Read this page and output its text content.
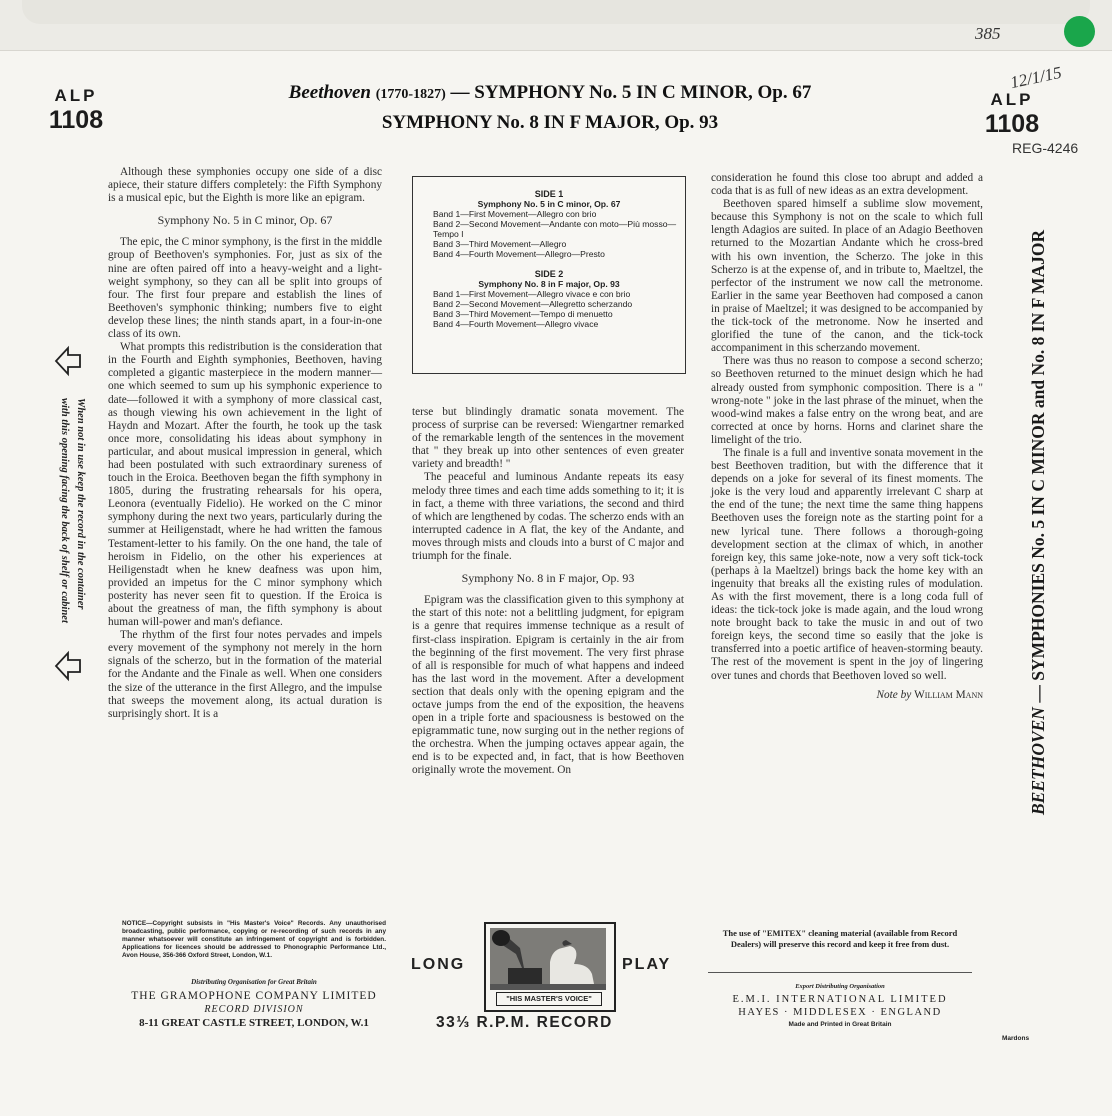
385
12/1/15
REG-4246
ALP
1108
ALP
1108
Beethoven (1770-1827) — SYMPHONY No. 5 IN C MINOR, Op. 67
SYMPHONY No. 8 IN F MAJOR, Op. 93

Although these symphonies occupy one side of a disc apiece, their stature differs completely: the Fifth Symphony is a musical epic, but the Eighth is more like an epigram.

Symphony No. 5 in C minor, Op. 67

The epic, the C minor symphony, is the first in the middle group of Beethoven's symphonies. For, just as six of the nine are often paired off into a heavy-weight and a light-weight symphony, so they can all be split into groups of four. The first four prepare and establish the lines of Beethoven's symphonic thinking; numbers five to eight develop these lines; the ninth stands apart, in a four-in-one class of its own.

What prompts this redistribution is the consideration that in the Fourth and Eighth symphonies, Beethoven, having completed a gigantic masterpiece in the modern manner—one which seemed to sum up his symphonic experience to date—followed it with a symphony of more classical cast, as though viewing his own achievement in the light of Haydn and Mozart. After the fourth, he took up the task once more, consolidating his ideas about symphony in particular, and about musical impression in general, which had been postulated with such extraordinary sureness of touch in the Eroica. Beethoven began the fifth symphony in 1805, during the frustrating rehearsals for his opera, Leonora (eventually Fidelio). He worked on the C minor symphony during the next two years, particularly during the summer at Heiligenstadt, where he had written the famous Testament-letter to his family. On the one hand, the tale of heroism in Fidelio, on the other his experiences at Heiligenstadt when he knew deafness was upon him, provided an impetus for the C minor symphony which posterity has never seen fit to question. If the Eroica is about the greatness of man, the fifth symphony is about human will-power and man's defiance.

The rhythm of the first four notes pervades and impels every movement of the symphony not merely in the horn signals of the scherzo, but in the formation of the material for the Andante and the Finale as well. When one considers the size of the utterance in the first Allegro, and the impulse that sweeps the movement along, its actual duration is surprisingly short. It is a

SIDE 1
Symphony No. 5 in C minor, Op. 67
Band 1—First Movement—Allegro con brio
Band 2—Second Movement—Andante con moto—Più mosso—Tempo I
Band 3—Third Movement—Allegro
Band 4—Fourth Movement—Allegro—Presto
SIDE 2
Symphony No. 8 in F major, Op. 93
Band 1—First Movement—Allegro vivace e con brio
Band 2—Second Movement—Allegretto scherzando
Band 3—Third Movement—Tempo di menuetto
Band 4—Fourth Movement—Allegro vivace

terse but blindingly dramatic sonata movement. The process of surprise can be reversed: Wiengartner remarked of the remarkable length of the sentences in the movement that " they break up into other sentences of even greater variety and breadth! "

The peaceful and luminous Andante repeats its easy melody three times and each time adds something to it; it is in fact, a theme with three variations, the second and third of which are lengthened by codas. The scherzo ends with an interrupted cadence in A flat, the key of the Andante, and moves through mists and clouds into a burst of C major and triumph for the finale.

Symphony No. 8 in F major, Op. 93

Epigram was the classification given to this symphony at the start of this note: not a belittling judgment, for epigram is a genre that requires immense technique as a result of first-class inspiration. Epigram is certainly in the air from the beginning of the first movement. The very first phrase of all is responsible for much of what happens and indeed has the last word in the movement. After a development section that deals only with the opening epigram and the octave jumps from the end of the exposition, the heavens open in a triple forte and spaciousness is bestowed on the epigrammatic tune, now surging out in the nether regions of the orchestra. When the jumping octaves appear again, the end is to be expected and, in fact, that is how Beethoven originally wrote the movement. On

consideration he found this close too abrupt and added a coda that is as full of new ideas as an extra development.

Beethoven spared himself a sublime slow movement, because this Symphony is not on the scale to which full length Adagios are suited. In place of an Adagio Beethoven returned to the Mozartian Andante which he cross-bred with his own invention, the Scherzo. The joke in this Scherzo is at the expense of, and in tribute to, Maeltzel, the perfector of the instrument we now call the metronome. Earlier in the same year Beethoven had composed a canon in praise of Maeltzel; it was designed to be accompanied by the tick-tock of the metronome. Now he inserted and glorified the tune of the canon, and the tick-tock accompaniment in this scherzando movement.

There was thus no reason to compose a second scherzo; so Beethoven returned to the minuet design which he had already ousted from symphonic composition. There is a " wrong-note " joke in the last phrase of the minuet, when the wood-wind makes a false entry on the wrong beat, and are corrected at once by horns. Horns and clarinet share the limelight of the trio.

The finale is a full and inventive sonata movement in the best Beethoven tradition, but with the difference that it depends on a joke for several of its finest moments. The joke is the very loud and apparently irrelevant C sharp at the end of the tune; the next time the same thing happens Beethoven uses the foreign note as the starting point for a new lyrical tune. There follows a thorough-going development section at the climax of which, in another foreign key, this same joke-note, now a very soft tick-tock (perhaps à la Maeltzel) brings back the home key with an ingenuity that breaks all the existing rules of modulation. As with the first movement, there is a long coda full of ideas: the tick-tock joke is made again, and the loud wrong note brought back to take the music in and out of two foreign keys, the second time so easily that the joke is transferred into a poetic artifice of heaven-storming beauty. The rest of the movement is spent in the joy of lingering over tunes and chords that Beethoven loved so well.

Note by William Mann
When not in use keep the record in the container
with this opening facing the back of shelf or cabinet
BEETHOVEN — SYMPHONIES No. 5 IN C MINOR and No. 8 IN F MAJOR
NOTICE—Copyright subsists in "His Master's Voice" Records. Any unauthorised broadcasting, public performance, copying or re-recording of such records in any manner whatsoever will constitute an infringement of copyright and is forbidden. Applications for licences should be addressed to Phonographic Performance Ltd., Avon House, 356-366 Oxford Street, London, W.1.
Distributing Organisation for Great Britain
THE GRAMOPHONE COMPANY LIMITED
RECORD DIVISION
8-11 GREAT CASTLE STREET, LONDON, W.1
LONG	PLAY
"HIS MASTER'S VOICE"
33⅓ R.P.M. RECORD
The use of "EMITEX" cleaning material (available from Record Dealers) will preserve this record and keep it free from dust.
Export Distributing Organisation
E.M.I. INTERNATIONAL LIMITED
HAYES · MIDDLESEX · ENGLAND
Made and Printed in Great Britain
Mardons
